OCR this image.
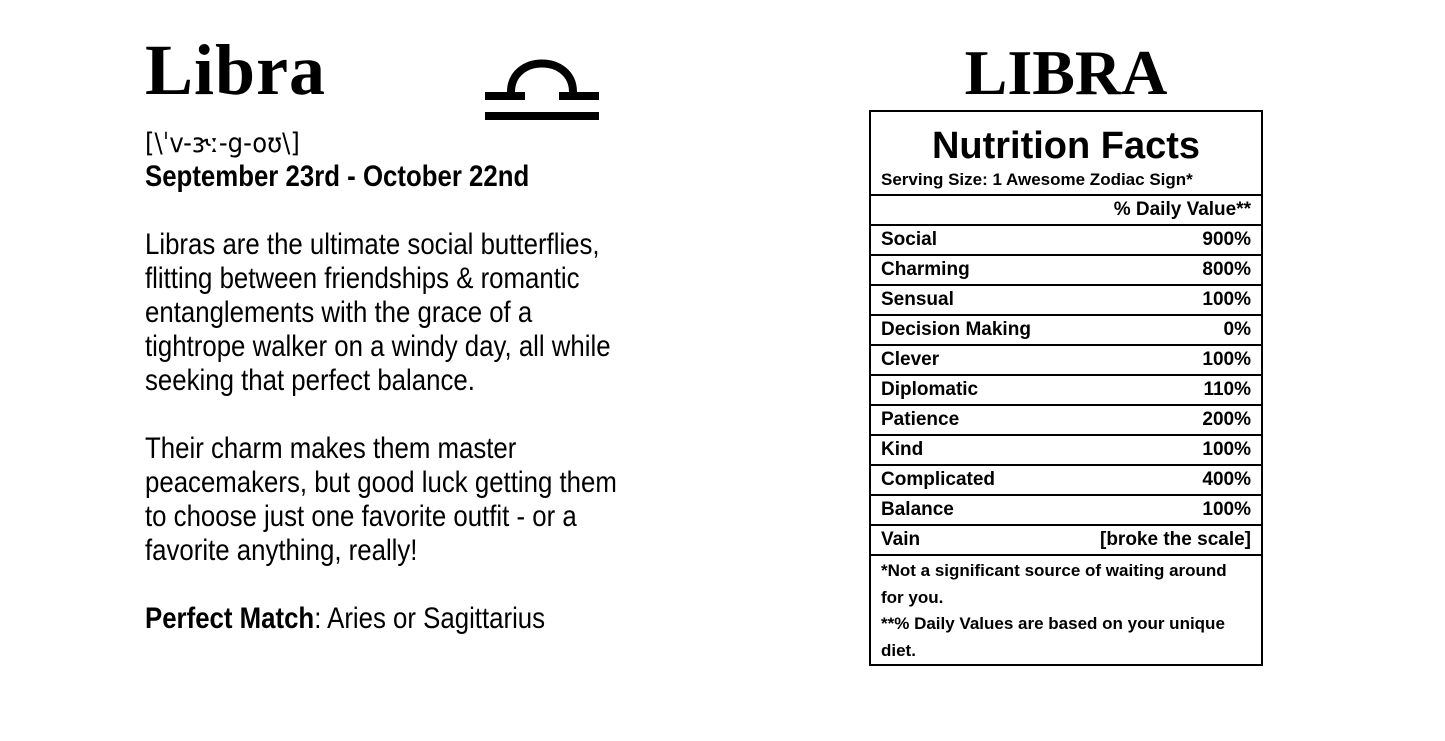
Libra
[\ˈv-ɝː-g-oʊ\]
September 23rd - October 22nd
Libras are the ultimate social butterflies, flitting between friendships & romantic entanglements with the grace of a tightrope walker on a windy day, all while seeking that perfect balance.
Their charm makes them master peacemakers, but good luck getting them to choose just one favorite outfit - or a favorite anything, really!
Perfect Match: Aries or Sagittarius
LIBRA
Nutrition Facts
Serving Size: 1 Awesome Zodiac Sign*
% Daily Value**
Social	900%
Charming	800%
Sensual	100%
Decision Making	0%
Clever	100%
Diplomatic	110%
Patience	200%
Kind	100%
Complicated	400%
Balance	100%
Vain	[broke the scale]
*Not a significant source of waiting around for you.
**% Daily Values are based on your unique diet.
